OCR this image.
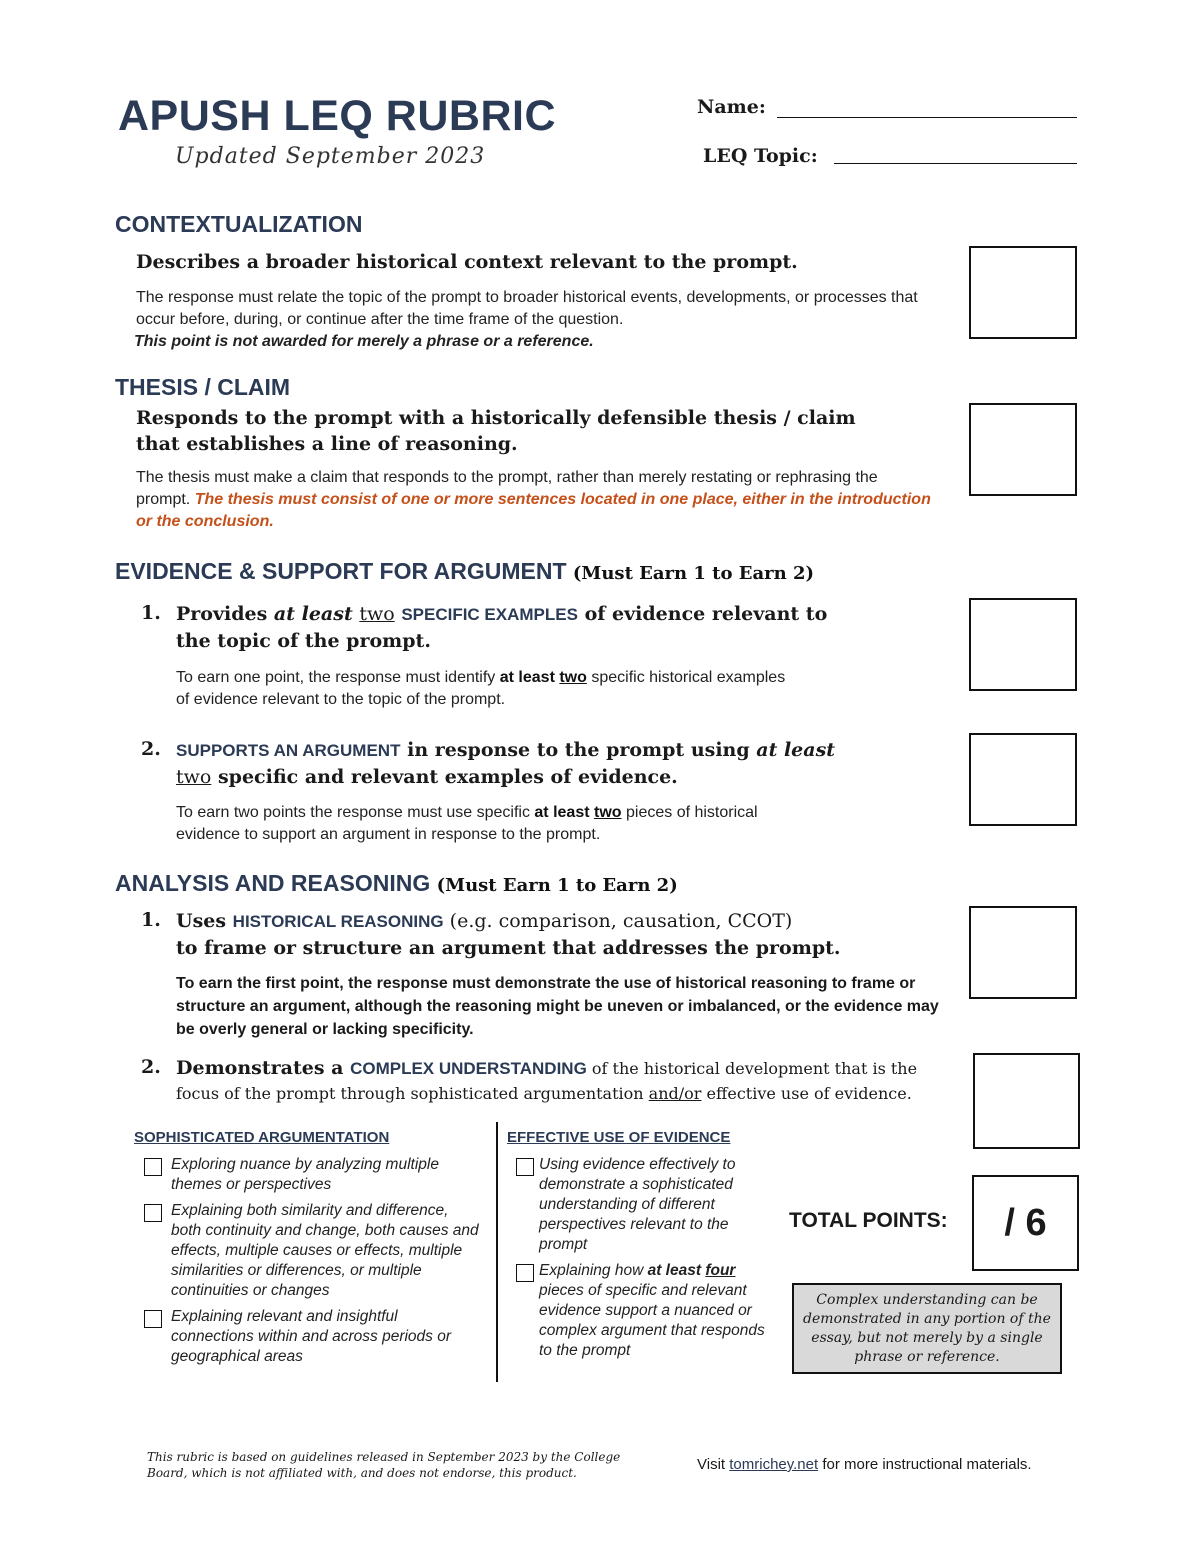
APUSH LEQ RUBRIC
Updated September 2023
Name:
LEQ Topic:
CONTEXTUALIZATION
Describes a broader historical context relevant to the prompt.
The response must relate the topic of the prompt to broader historical events, developments, or processes that occur before, during, or continue after the time frame of the question.
This point is not awarded for merely a phrase or a reference.
THESIS / CLAIM
Responds to the prompt with a historically defensible thesis / claim
that establishes a line of reasoning.
The thesis must make a claim that responds to the prompt, rather than merely restating or rephrasing the prompt. The thesis must consist of one or more sentences located in one place, either in the introduction or the conclusion.
EVIDENCE & SUPPORT FOR ARGUMENT (Must Earn 1 to Earn 2)
1. Provides at least two SPECIFIC EXAMPLES of evidence relevant to
the topic of the prompt.
To earn one point, the response must identify at least two specific historical examples
of evidence relevant to the topic of the prompt.
2. SUPPORTS AN ARGUMENT in response to the prompt using at least
two specific and relevant examples of evidence.
To earn two points the response must use specific at least two pieces of historical
evidence to support an argument in response to the prompt.
ANALYSIS AND REASONING (Must Earn 1 to Earn 2)
1. Uses HISTORICAL REASONING (e.g. comparison, causation, CCOT)
to frame or structure an argument that addresses the prompt.
To earn the first point, the response must demonstrate the use of historical reasoning to frame or structure an argument, although the reasoning might be uneven or imbalanced, or the evidence may be overly general or lacking specificity.
2. Demonstrates a COMPLEX UNDERSTANDING of the historical development that is the
focus of the prompt through sophisticated argumentation and/or effective use of evidence.
SOPHISTICATED ARGUMENTATION
Exploring nuance by analyzing multiple themes or perspectives
Explaining both similarity and difference, both continuity and change, both causes and effects, multiple causes or effects, multiple similarities or differences, or multiple continuities or changes
Explaining relevant and insightful connections within and across periods or geographical areas
EFFECTIVE USE OF EVIDENCE
Using evidence effectively to demonstrate a sophisticated understanding of different perspectives relevant to the prompt
Explaining how at least four pieces of specific and relevant evidence support a nuanced or complex argument that responds to the prompt
TOTAL POINTS: / 6
Complex understanding can be demonstrated in any portion of the essay, but not merely by a single phrase or reference.
This rubric is based on guidelines released in September 2023 by the College Board, which is not affiliated with, and does not endorse, this product.	Visit tomrichey.net for more instructional materials.
